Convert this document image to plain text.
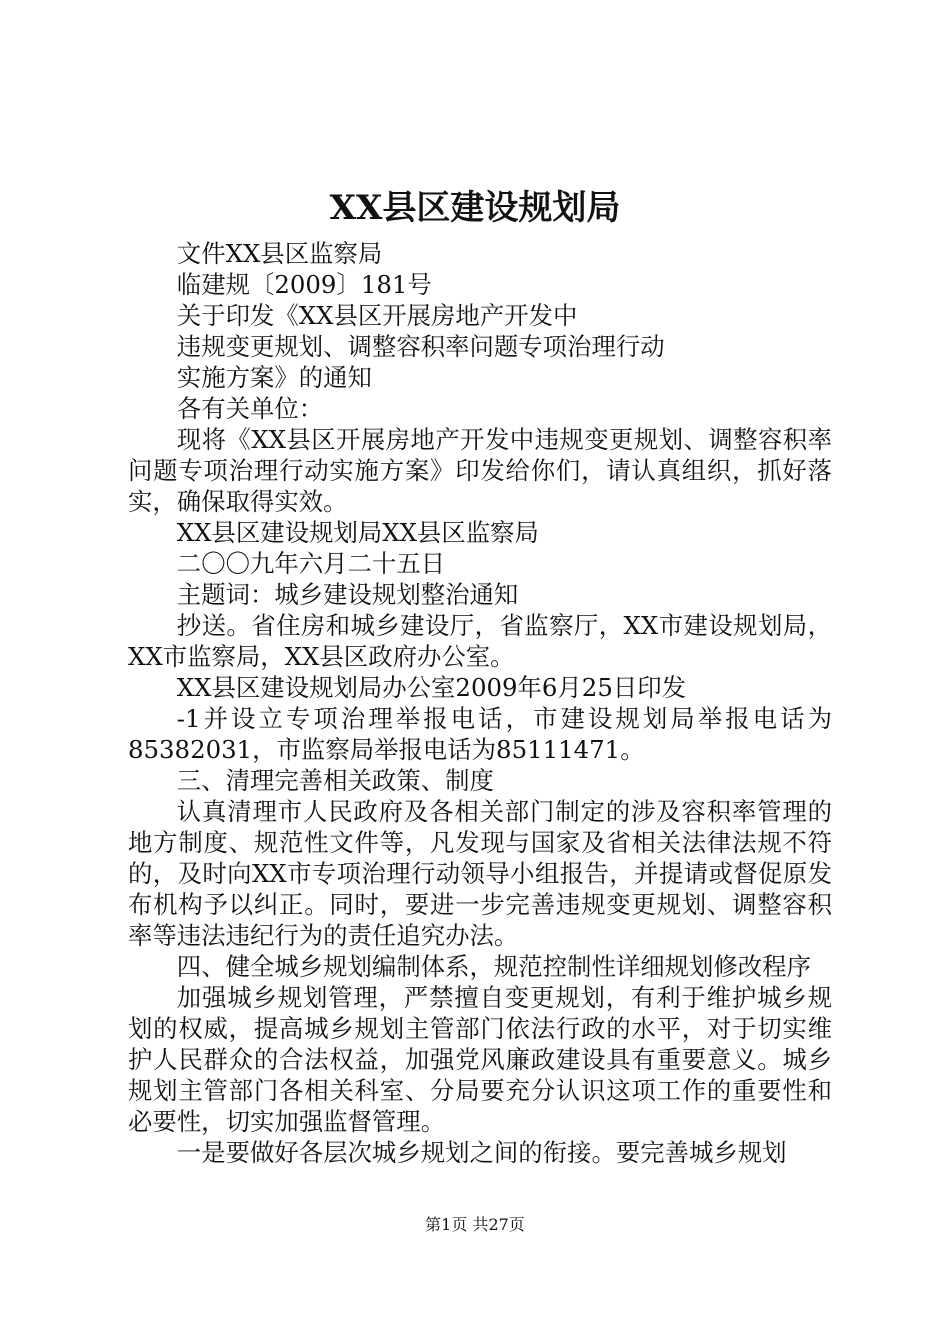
XX县区建设规划局

文件XX县区监察局

临建规〔2009〕181号

关于印发《XX县区开展房地产开发中

违规变更规划、调整容积率问题专项治理行动

实施方案》的通知

各有关单位：

现将《XX县区开展房地产开发中违规变更规划、调整容积率问题专项治理行动实施方案》印发给你们，请认真组织，抓好落实，确保取得实效。

XX县区建设规划局XX县区监察局

二〇〇九年六月二十五日

主题词：城乡建设规划整治通知

抄送。省住房和城乡建设厅，省监察厅，XX市建设规划局，XX市监察局，XX县区政府办公室。

XX县区建设规划局办公室2009年6月25日印发

-1并设立专项治理举报电话，市建设规划局举报电话为85382031，市监察局举报电话为85111471。

三、清理完善相关政策、制度

认真清理市人民政府及各相关部门制定的涉及容积率管理的地方制度、规范性文件等，凡发现与国家及省相关法律法规不符的，及时向XX市专项治理行动领导小组报告，并提请或督促原发布机构予以纠正。同时，要进一步完善违规变更规划、调整容积率等违法违纪行为的责任追究办法。

四、健全城乡规划编制体系，规范控制性详细规划修改程序

加强城乡规划管理，严禁擅自变更规划，有利于维护城乡规划的权威，提高城乡规划主管部门依法行政的水平，对于切实维护人民群众的合法权益，加强党风廉政建设具有重要意义。城乡规划主管部门各相关科室、分局要充分认识这项工作的重要性和必要性，切实加强监督管理。

一是要做好各层次城乡规划之间的衔接。要完善城乡规划

第1页 共27页
